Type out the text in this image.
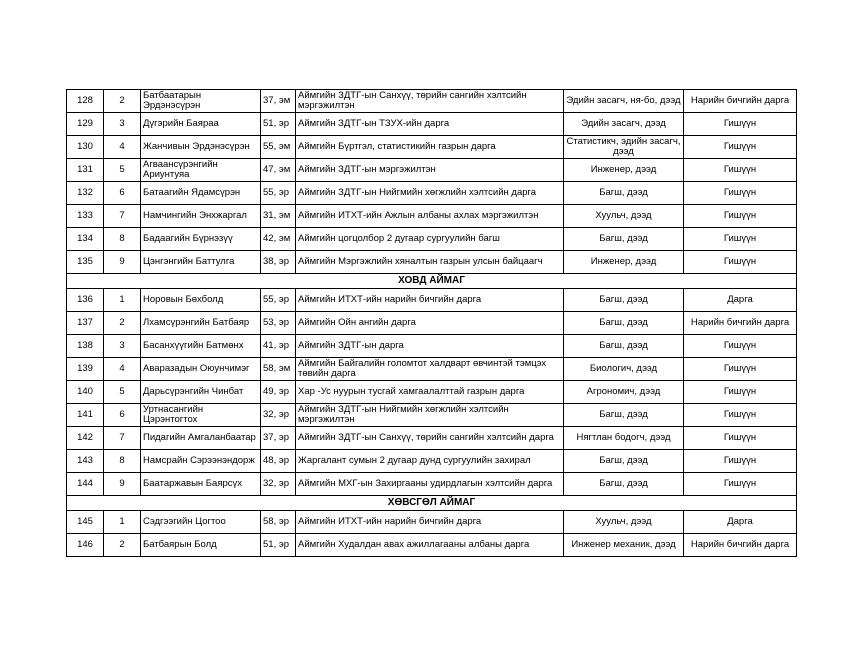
128	2	Батбаатарын Эрдэнэсүрэн	37, эм	Аймгийн ЗДТГ-ын Санхүү, төрийн сангийн хэлтсийн мэргэжилтэн	Эдийн засагч, ня-бо, дээд	Нарийн бичгийн дарга
129	3	Дүгэрийн Баяраа	51, эр	Аймгийн ЗДТГ-ын ТЗУХ-ийн дарга	Эдийн засагч, дээд	Гишүүн
130	4	Жанчивын Эрдэнэсүрэн	55, эм	Аймгийн Бүртгэл, статистикийн газрын дарга	Статистикч, эдийн засагч, дээд	Гишүүн
131	5	Агваансүрэнгийн Ариунтуяа	47, эм	Аймгийн ЗДТГ-ын мэргэжилтэн	Инженер, дээд	Гишүүн
132	6	Батаагийн Ядамсүрэн	55, эр	Аймгийн ЗДТГ-ын Нийгмийн хөгжлийн хэлтсийн дарга	Багш, дээд	Гишүүн
133	7	Намчингийн Энхжаргал	31, эм	Аймгийн ИТХТ-ийн Ажлын албаны ахлах мэргэжилтэн	Хуульч, дээд	Гишүүн
134	8	Бадаагийн Бүрнэзүү	42, эм	Аймгийн цогцолбор 2 дугаар сургуулийн багш	Багш, дээд	Гишүүн
135	9	Цэнгэнгийн Баттулга	38, эр	Аймгийн Мэргэжлийн хяналтын газрын улсын байцаагч	Инженер, дээд	Гишүүн
ХОВД АЙМАГ						
136	1	Норовын Бөхболд	55, эр	Аймгийн ИТХТ-ийн нарийн бичгийн дарга	Багш, дээд	Дарга
137	2	Лхамсүрэнгийн Батбаяр	53, эр	Аймгийн Ойн ангийн дарга	Багш, дээд	Нарийн бичгийн дарга
138	3	Басанхүүгийн Батмөнх	41, эр	Аймгийн ЗДТГ-ын дарга	Багш, дээд	Гишүүн
139	4	Аваразадын Оюунчимэг	58, эм	Аймгийн Байгалийн голомтот халдварт өвчинтэй тэмцэх төвийн дарга	Биологич, дээд	Гишүүн
140	5	Дарьсүрэнгийн Чинбат	49, эр	Хар -Ус нуурын тусгай хамгаалалттай газрын дарга	Агрономич, дээд	Гишүүн
141	6	Уртнасангийн Цэрэнтогтох	32, эр	Аймгийн ЗДТГ-ын Нийгмийн хөгжлийн хэлтсийн мэргэжилтэн	Багш, дээд	Гишүүн
142	7	Пидагийн Амгаланбаатар	37, эр	Аймгийн ЗДТГ-ын Санхүү, төрийн сангийн хэлтсийн дарга	Нягтлан бодогч, дээд	Гишүүн
143	8	Намсрайн Сэрээнэндорж	48, эр	Жаргалант сумын 2 дугаар дунд сургуулийн захирал	Багш, дээд	Гишүүн
144	9	Баатаржавын Баярсүх	32, эр	Аймгийн МХГ-ын Захиргааны удирдлагын хэлтсийн дарга	Багш, дээд	Гишүүн
ХӨВСГӨЛ АЙМАГ						
145	1	Сэдгээгийн Цогтоо	58, эр	Аймгийн ИТХТ-ийн нарийн бичгийн дарга	Хуульч, дээд	Дарга
146	2	Батбаярын Болд	51, эр	Аймгийн Худалдан авах ажиллагааны албаны дарга	Инженер механик, дээд	Нарийн бичгийн дарга
